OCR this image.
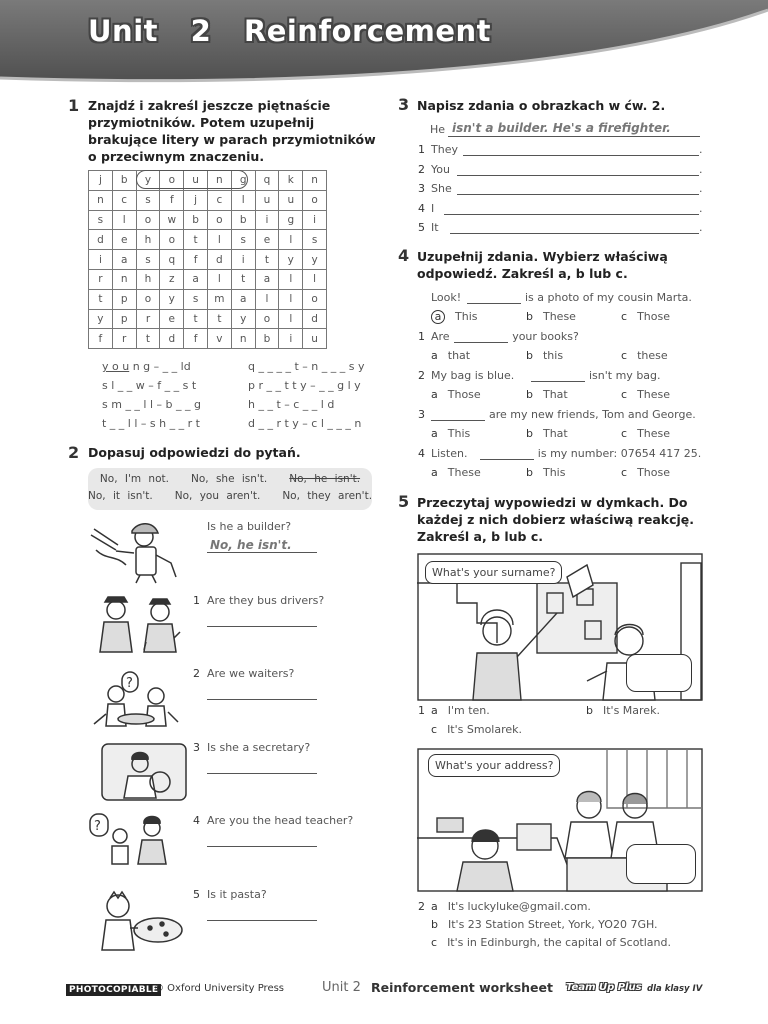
Unit 2 Reinforcement
1 Znajdź i zakreśl jeszcze piętnaście
przymiotników. Potem uzupełnij
brakujące litery w parach przymiotników
o przeciwnym znaczeniu.
j	b	y	o	u	n	g	q	k	n
n	c	s	f	j	c	l	u	u	o
s	l	o	w	b	o	b	i	g	i
d	e	h	o	t	l	s	e	l	s
i	a	s	q	f	d	i	t	y	y
r	n	h	z	a	l	t	a	l	l
t	p	o	y	s	m	a	l	l	o
y	p	r	e	t	t	y	o	l	d
f	r	t	d	f	v	n	b	i	u
y o u n g – _ _ ld
s l _ _ w – f _ _ s t
s m _ _ l l – b _ _ g
t _ _ l l – s h _ _ r t
q _ _ _ _ t – n _ _ _ s y
p r _ _ t t y – _ _ g l y
h _ _ t – c _ _ l d
d _ _ r t y – c l _ _ _ n
2 Dopasuj odpowiedzi do pytań.
No, I'm not. No, she isn't. No, he isn't.
No, it isn't. No, you aren't. No, they aren't.
?
?
Is he a builder?
No, he isn't.
1 Are they bus drivers?
2 Are we waiters?
3 Is she a secretary?
4 Are you the head teacher?
5 Is it pasta?
3 Napisz zdania o obrazkach w ćw. 2.
He isn't a builder. He's a firefighter.
1 They	.
2 You	.
3 She	.
4 I	.
5 It	.
4 Uzupełnij zdania. Wybierz właściwą
odpowiedź. Zakreśl a, b lub c.
Look!	is a photo of my cousin Marta.
a This	b These	c Those
1 Are	your books?
a that	b this	c these
2 My bag is blue.	isn't my bag.
a Those	b That	c These
3	are my new friends, Tom and George.
a This	b That	c These
4 Listen.	is my number: 07654 417 25.
a These	b This	c Those
5 Przeczytaj wypowiedzi w dymkach. Do
każdej z nich dobierz właściwą reakcję.
Zakreśl a, b lub c.
What's your surname?
1 a I'm ten.	b It's Marek.
c It's Smolarek.
What's your address?
2 a It's luckyluke@gmail.com.
b It's 23 Station Street, York, YO20 7GH.
c It's in Edinburgh, the capital of Scotland.
PHOTOCOPIABLE
© Oxford University Press	Unit 2 Reinforcement worksheet Team Up Plus dla klasy IV
